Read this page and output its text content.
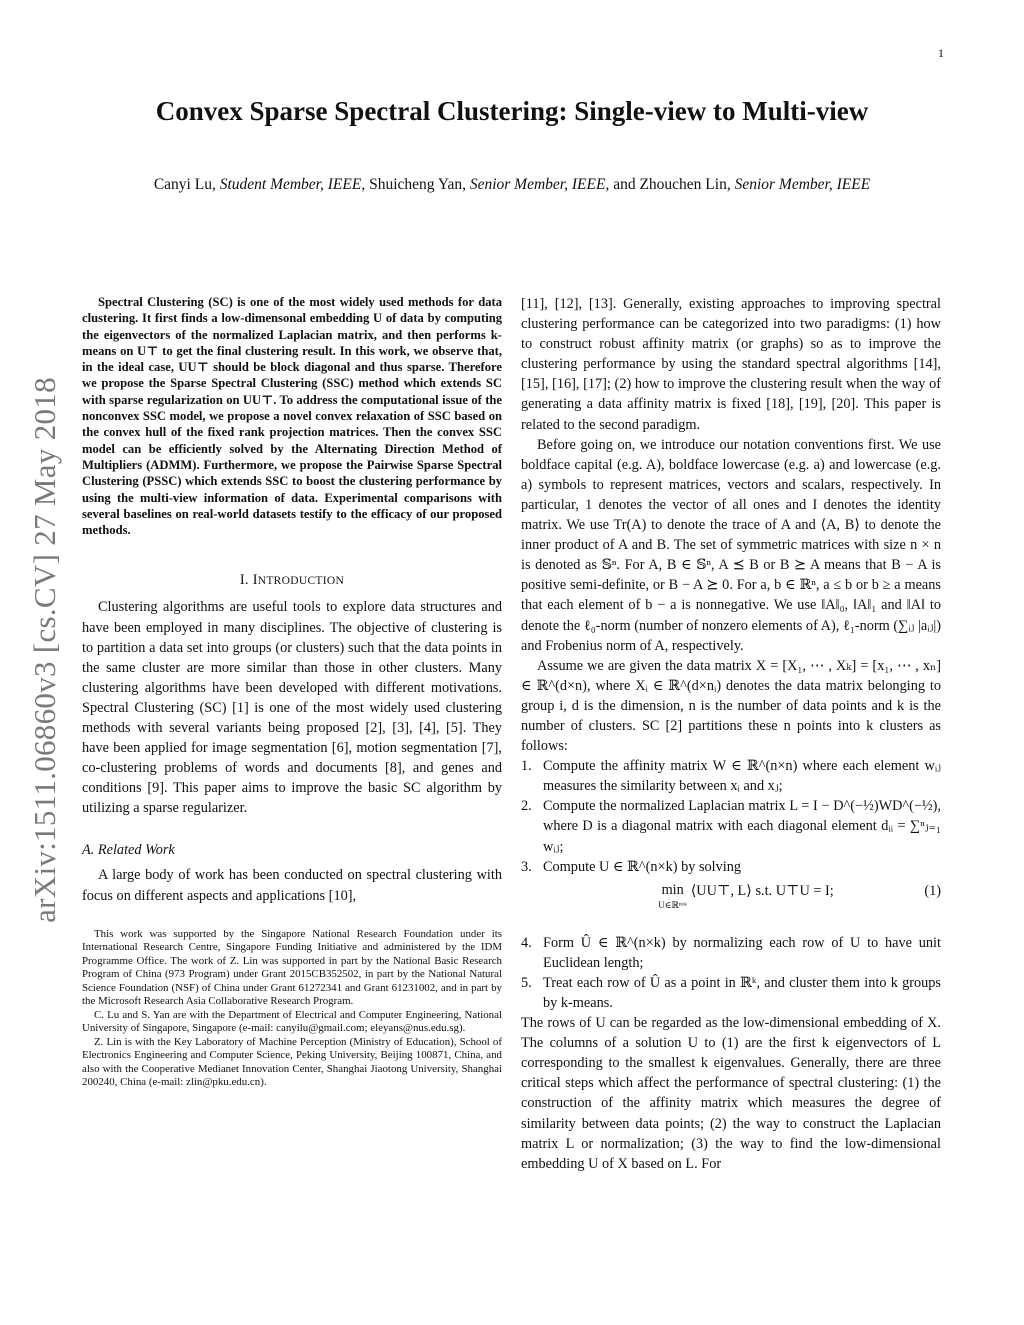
1
arXiv:1511.06860v3 [cs.CV] 27 May 2018
Convex Sparse Spectral Clustering: Single-view to Multi-view

Canyi Lu, Student Member, IEEE, Shuicheng Yan, Senior Member, IEEE, and Zhouchen Lin, Senior Member, IEEE

Spectral Clustering (SC) is one of the most widely used methods for data clustering. It first finds a low-dimensonal embedding U of data by computing the eigenvectors of the normalized Laplacian matrix, and then performs k-means on U⊤ to get the final clustering result. In this work, we observe that, in the ideal case, UU⊤ should be block diagonal and thus sparse. Therefore we propose the Sparse Spectral Clustering (SSC) method which extends SC with sparse regularization on UU⊤. To address the computational issue of the nonconvex SSC model, we propose a novel convex relaxation of SSC based on the convex hull of the fixed rank projection matrices. Then the convex SSC model can be efficiently solved by the Alternating Direction Method of Multipliers (ADMM). Furthermore, we propose the Pairwise Sparse Spectral Clustering (PSSC) which extends SSC to boost the clustering performance by using the multi-view information of data. Experimental comparisons with several baselines on real-world datasets testify to the efficacy of our proposed methods.

I. INTRODUCTION

Clustering algorithms are useful tools to explore data structures and have been employed in many disciplines. The objective of clustering is to partition a data set into groups (or clusters) such that the data points in the same cluster are more similar than those in other clusters. Many clustering algorithms have been developed with different motivations. Spectral Clustering (SC) [1] is one of the most widely used clustering methods with several variants being proposed [2], [3], [4], [5]. They have been applied for image segmentation [6], motion segmentation [7], co-clustering problems of words and documents [8], and genes and conditions [9]. This paper aims to improve the basic SC algorithm by utilizing a sparse regularizer.

A. Related Work

A large body of work has been conducted on spectral clustering with focus on different aspects and applications [10],

This work was supported by the Singapore National Research Foundation under its International Research Centre, Singapore Funding Initiative and administered by the IDM Programme Office. The work of Z. Lin was supported in part by the National Basic Research Program of China (973 Program) under Grant 2015CB352502, in part by the National Natural Science Foundation (NSF) of China under Grant 61272341 and Grant 61231002, and in part by the Microsoft Research Asia Collaborative Research Program.

C. Lu and S. Yan are with the Department of Electrical and Computer Engineering, National University of Singapore, Singapore (e-mail: canyilu@gmail.com; eleyans@nus.edu.sg).

Z. Lin is with the Key Laboratory of Machine Perception (Ministry of Education), School of Electronics Engineering and Computer Science, Peking University, Beijing 100871, China, and also with the Cooperative Medianet Innovation Center, Shanghai Jiaotong University, Shanghai 200240, China (e-mail: zlin@pku.edu.cn).

[11], [12], [13]. Generally, existing approaches to improving spectral clustering performance can be categorized into two paradigms: (1) how to construct robust affinity matrix (or graphs) so as to improve the clustering performance by using the standard spectral algorithms [14], [15], [16], [17]; (2) how to improve the clustering result when the way of generating a data affinity matrix is fixed [18], [19], [20]. This paper is related to the second paradigm.

Before going on, we introduce our notation conventions first. We use boldface capital (e.g. A), boldface lowercase (e.g. a) and lowercase (e.g. a) symbols to represent matrices, vectors and scalars, respectively. In particular, 1 denotes the vector of all ones and I denotes the identity matrix. We use Tr(A) to denote the trace of A and ⟨A, B⟩ to denote the inner product of A and B. The set of symmetric matrices with size n × n is denoted as 𝕊ⁿ. For A, B ∈ 𝕊ⁿ, A ⪯ B or B ⪰ A means that B − A is positive semi-definite, or B − A ⪰ 0. For a, b ∈ ℝⁿ, a ≤ b or b ≥ a means that each element of b − a is nonnegative. We use ‖A‖₀, ‖A‖₁ and ‖A‖ to denote the ℓ₀-norm (number of nonzero elements of A), ℓ₁-norm (∑ᵢⱼ |aᵢⱼ|) and Frobenius norm of A, respectively.

Assume we are given the data matrix X = [X₁, ⋯ , Xₖ] = [x₁, ⋯ , xₙ] ∈ ℝ^(d×n), where Xᵢ ∈ ℝ^(d×nᵢ) denotes the data matrix belonging to group i, d is the dimension, n is the number of data points and k is the number of clusters. SC [2] partitions these n points into k clusters as follows:

1. Compute the affinity matrix W ∈ ℝ^(n×n) where each element wᵢⱼ measures the similarity between xᵢ and xⱼ;
2. Compute the normalized Laplacian matrix L = I − D^(−½)WD^(−½), where D is a diagonal matrix with each diagonal element dᵢᵢ = ∑ⁿⱼ₌₁ wᵢⱼ;
3. Compute U ∈ ℝ^(n×k) by solving
min
U∈ℝⁿˣᵏ
⟨UU⊤, L⟩ s.t. U⊤U = I;	(1)
4. Form Û ∈ ℝ^(n×k) by normalizing each row of U to have unit Euclidean length;
5. Treat each row of Û as a point in ℝᵏ, and cluster them into k groups by k-means.

The rows of U can be regarded as the low-dimensional embedding of X. The columns of a solution U to (1) are the first k eigenvectors of L corresponding to the smallest k eigenvalues. Generally, there are three critical steps which affect the performance of spectral clustering: (1) the construction of the affinity matrix which measures the degree of similarity between data points; (2) the way to construct the Laplacian matrix L or normalization; (3) the way to find the low-dimensional embedding U of X based on L. For
